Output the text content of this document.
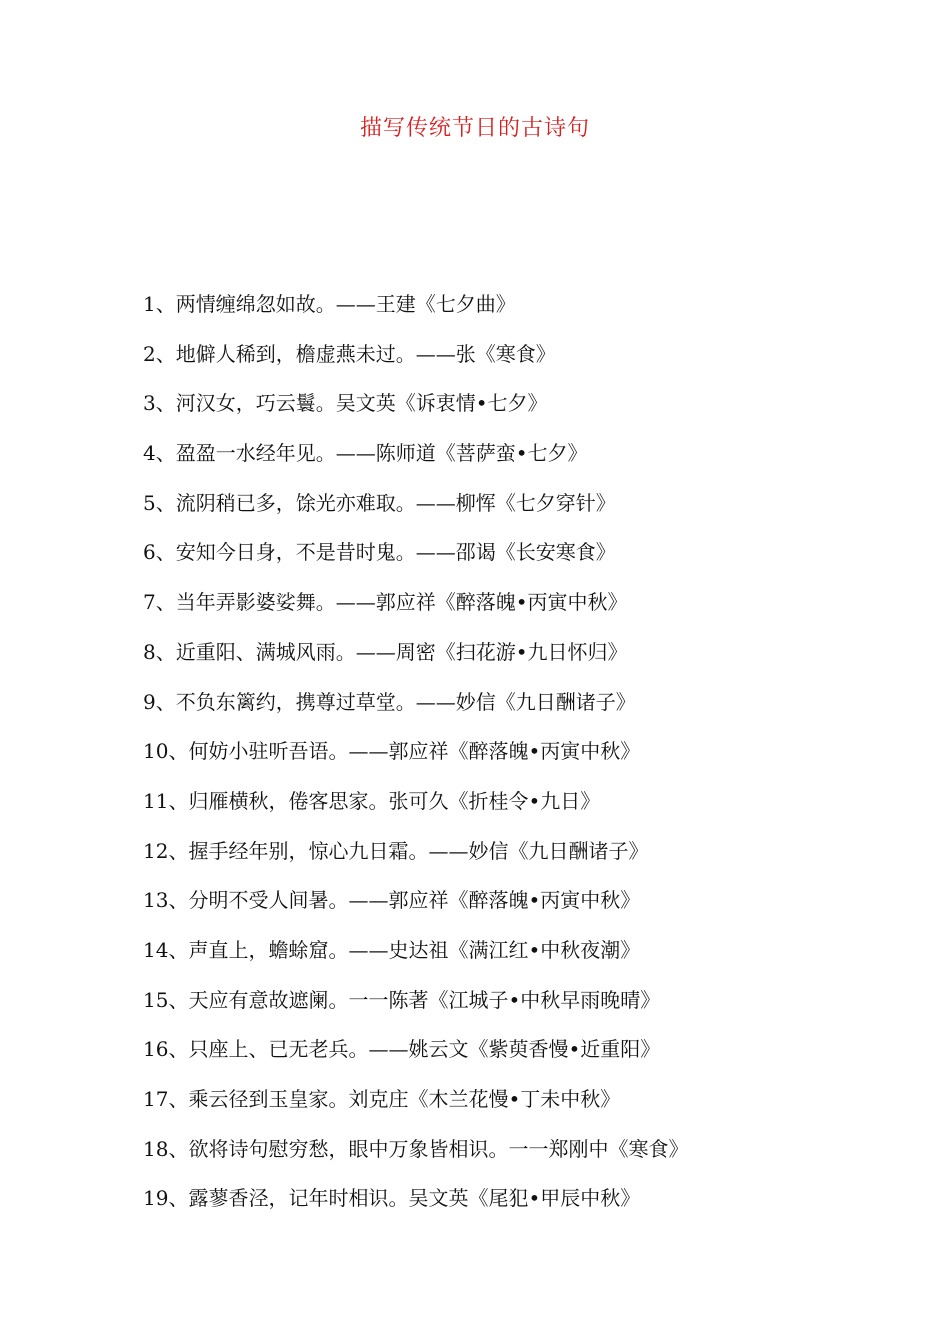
描写传统节日的古诗句
1、两情缠绵忽如故。——王建《七夕曲》
2、地僻人稀到，檐虚燕未过。——张《寒食》
3、河汉女，巧云鬟。吴文英《诉衷情•七夕》
4、盈盈一水经年见。——陈师道《菩萨蛮•七夕》
5、流阴稍已多，馀光亦难取。——柳恽《七夕穿针》
6、安知今日身，不是昔时鬼。——邵谒《长安寒食》
7、当年弄影婆娑舞。——郭应祥《醉落魄•丙寅中秋》
8、近重阳、满城风雨。——周密《扫花游•九日怀归》
9、不负东篱约，携尊过草堂。——妙信《九日酬诸子》
10、何妨小驻听吾语。——郭应祥《醉落魄•丙寅中秋》
11、归雁横秋，倦客思家。张可久《折桂令•九日》
12、握手经年别，惊心九日霜。——妙信《九日酬诸子》
13、分明不受人间暑。——郭应祥《醉落魄•丙寅中秋》
14、声直上，蟾蜍窟。——史达祖《满江红•中秋夜潮》
15、天应有意故遮阑。一一陈著《江城子•中秋早雨晚晴》
16、只座上、已无老兵。——姚云文《紫萸香慢•近重阳》
17、乘云径到玉皇家。刘克庄《木兰花慢•丁未中秋》
18、欲将诗句慰穷愁，眼中万象皆相识。一一郑刚中《寒食》
19、露蓼香泾，记年时相识。吴文英《尾犯•甲辰中秋》
